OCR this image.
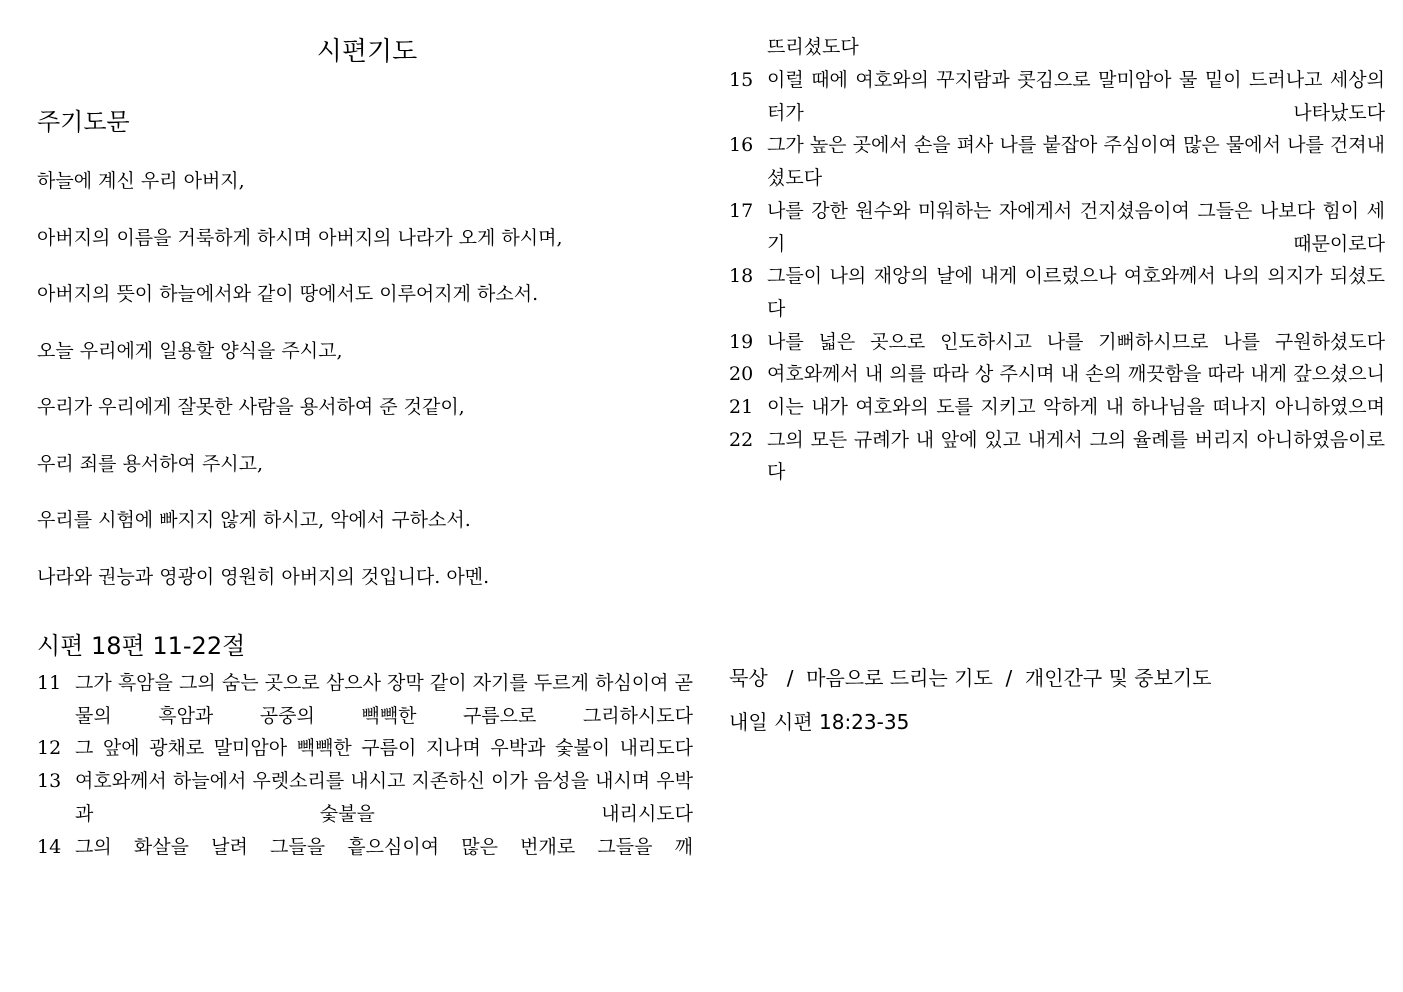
시편기도
주기도문
하늘에 계신 우리 아버지,
아버지의 이름을 거룩하게 하시며 아버지의 나라가 오게 하시며,
아버지의 뜻이 하늘에서와 같이 땅에서도 이루어지게 하소서.
오늘 우리에게 일용할 양식을 주시고,
우리가 우리에게 잘못한 사람을 용서하여 준 것같이,
우리 죄를 용서하여 주시고,
우리를 시험에 빠지지 않게 하시고, 악에서 구하소서.
나라와 권능과 영광이 영원히 아버지의 것입니다. 아멘.
시편 18편 11-22절
11 그가 흑암을 그의 숨는 곳으로 삼으사 장막 같이 자기를 두르게 하심이여 곧 물의 흑암과 공중의 빽빽한 구름으로 그리하시도다
12 그 앞에 광채로 말미암아 빽빽한 구름이 지나며 우박과 숯불이 내리도다
13 여호와께서 하늘에서 우렛소리를 내시고 지존하신 이가 음성을 내시며 우박과 숯불을 내리시도다
14 그의 화살을 날려 그들을 흩으심이여 많은 번개로 그들을 깨
뜨리셨도다
15 이럴 때에 여호와의 꾸지람과 콧김으로 말미암아 물 밑이 드러나고 세상의 터가 나타났도다
16 그가 높은 곳에서 손을 펴사 나를 붙잡아 주심이여 많은 물에서 나를 건져내셨도다
17 나를 강한 원수와 미워하는 자에게서 건지셨음이여 그들은 나보다 힘이 세기 때문이로다
18 그들이 나의 재앙의 날에 내게 이르렀으나 여호와께서 나의 의지가 되셨도다
19 나를 넓은 곳으로 인도하시고 나를 기뻐하시므로 나를 구원하셨도다
20 여호와께서 내 의를 따라 상 주시며 내 손의 깨끗함을 따라 내게 갚으셨으니
21 이는 내가 여호와의 도를 지키고 악하게 내 하나님을 떠나지 아니하였으며
22 그의 모든 규례가 내 앞에 있고 내게서 그의 율례를 버리지 아니하였음이로다
묵상   /  마음으로 드리는 기도  /  개인간구 및 중보기도
내일 시편 18:23-35
